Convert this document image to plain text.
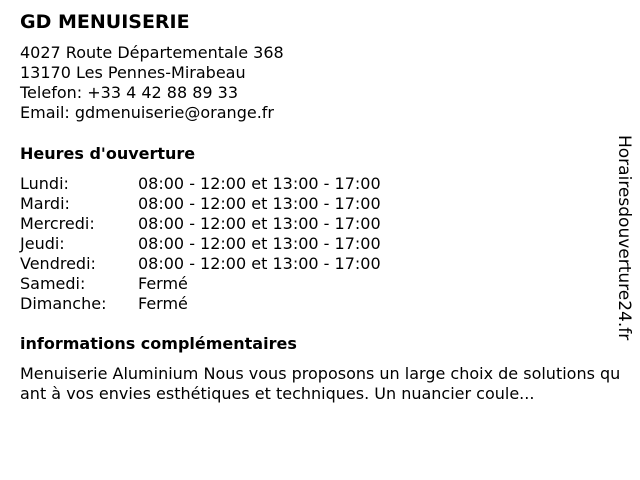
GD MENUISERIE
4027 Route Départementale 368
13170 Les Pennes-Mirabeau
Telefon: +33 4 42 88 89 33
Email: gdmenuiserie@orange.fr
Heures d'ouverture
Lundi:	08:00 - 12:00 et 13:00 - 17:00
Mardi:	08:00 - 12:00 et 13:00 - 17:00
Mercredi:	08:00 - 12:00 et 13:00 - 17:00
Jeudi:	08:00 - 12:00 et 13:00 - 17:00
Vendredi:	08:00 - 12:00 et 13:00 - 17:00
Samedi:	Fermé
Dimanche: Fermé
informations complémentaires

Menuiserie Aluminium Nous vous proposons un large choix de solutions quant à vos envies esthétiques et techniques. Un nuancier coule...

Horairesdouverture24.fr
